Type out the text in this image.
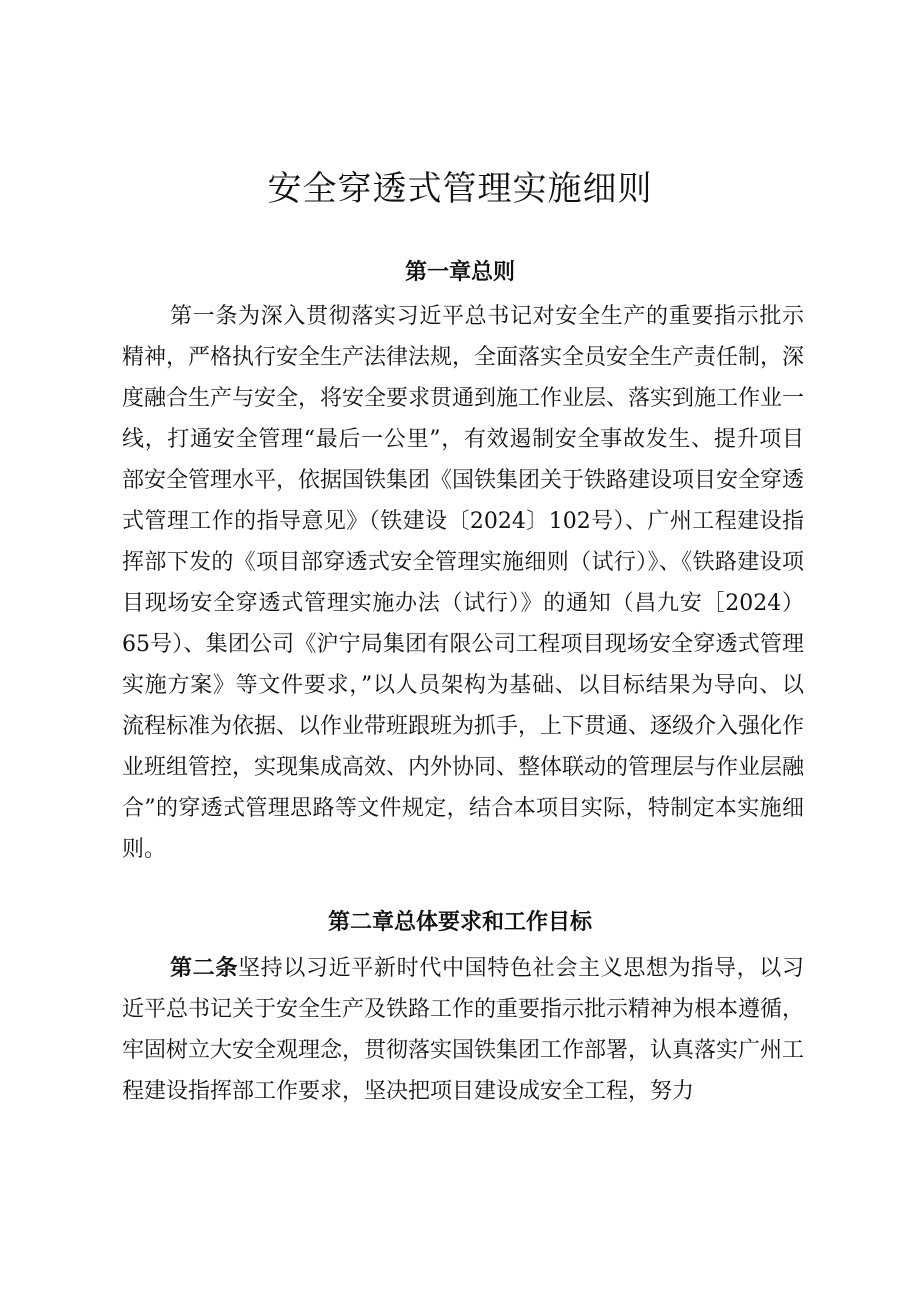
安全穿透式管理实施细则
第一章总则

第一条为深入贯彻落实习近平总书记对安全生产的重要指示批示精神，严格执行安全生产法律法规，全面落实全员安全生产责任制，深度融合生产与安全，将安全要求贯通到施工作业层、落实到施工作业一线，打通安全管理“最后一公里”，有效遏制安全事故发生、提升项目部安全管理水平，依据国铁集团《国铁集团关于铁路建设项目安全穿透式管理工作的指导意见》（铁建设〔2024〕102号）、广州工程建设指挥部下发的《项目部穿透式安全管理实施细则（试行）》、《铁路建设项目现场安全穿透式管理实施办法（试行）》的通知（昌九安［2024）65号）、集团公司《沪宁局集团有限公司工程项目现场安全穿透式管理实施方案》等文件要求，”以人员架构为基础、以目标结果为导向、以流程标准为依据、以作业带班跟班为抓手，上下贯通、逐级介入强化作业班组管控，实现集成高效、内外协同、整体联动的管理层与作业层融合”的穿透式管理思路等文件规定，结合本项目实际，特制定本实施细则。

第二章总体要求和工作目标

第二条坚持以习近平新时代中国特色社会主义思想为指导，以习近平总书记关于安全生产及铁路工作的重要指示批示精神为根本遵循，牢固树立大安全观理念，贯彻落实国铁集团工作部署，认真落实广州工程建设指挥部工作要求，坚决把项目建设成安全工程，努力
